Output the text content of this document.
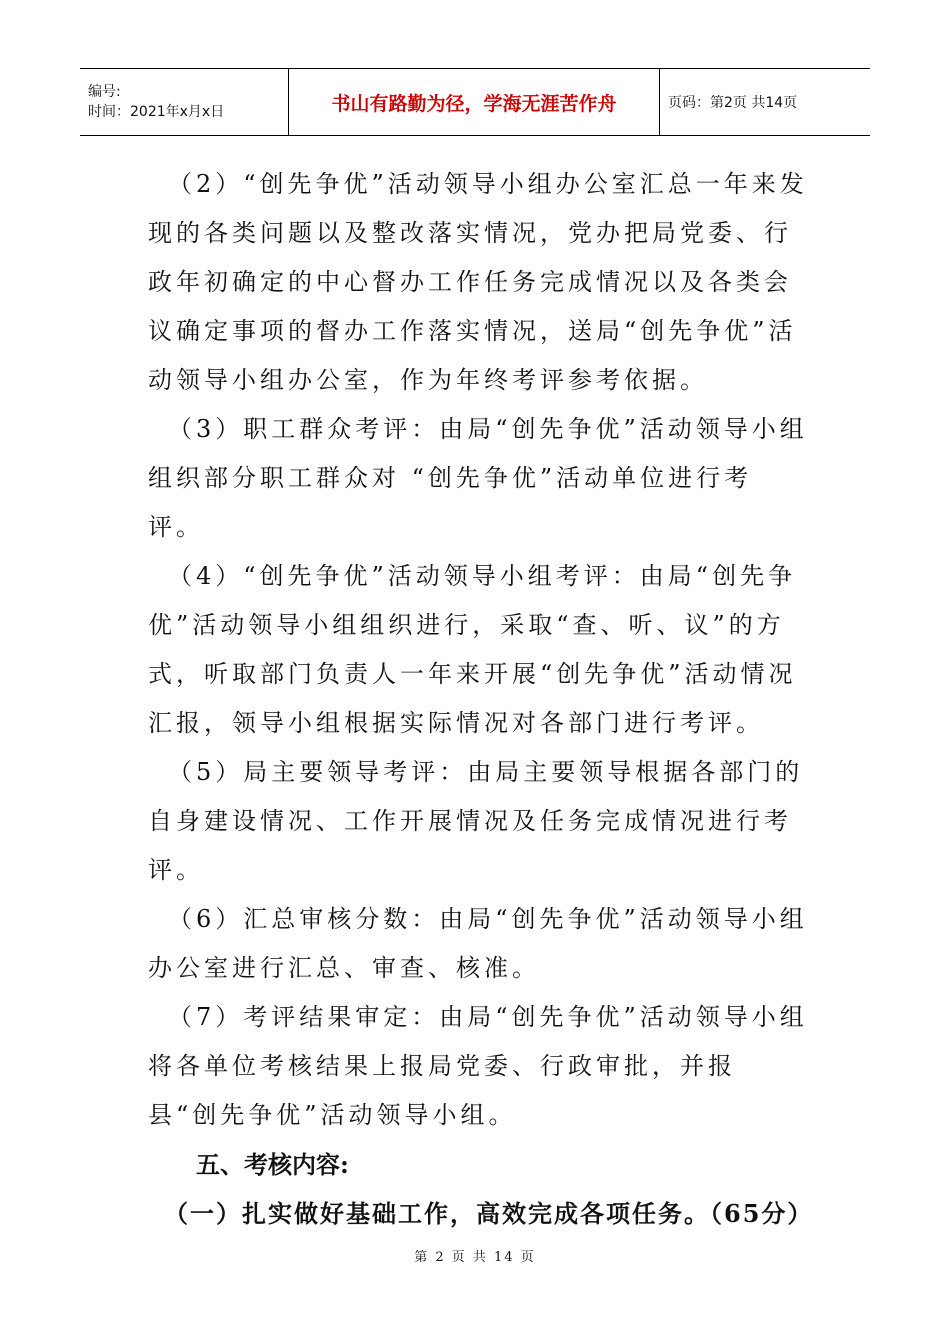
编号:
时间：2021年x月x日	书山有路勤为径，学海无涯苦作舟	页码：第2页 共14页

（2）“创先争优”活动领导小组办公室汇总一年来发现的各类问题以及整改落实情况，党办把局党委、行政年初确定的中心督办工作任务完成情况以及各类会议确定事项的督办工作落实情况，送局“创先争优”活动领导小组办公室，作为年终考评参考依据。

（3）职工群众考评：由局“创先争优”活动领导小组组织部分职工群众对 “创先争优”活动单位进行考评。

（4）“创先争优”活动领导小组考评：由局“创先争优”活动领导小组组织进行，采取“查、听、议”的方式，听取部门负责人一年来开展“创先争优”活动情况汇报，领导小组根据实际情况对各部门进行考评。

（5）局主要领导考评：由局主要领导根据各部门的自身建设情况、工作开展情况及任务完成情况进行考评。

（6）汇总审核分数：由局“创先争优”活动领导小组办公室进行汇总、审查、核准。

（7）考评结果审定：由局“创先争优”活动领导小组将各单位考核结果上报局党委、行政审批，并报县“创先争优”活动领导小组。

五、考核内容:

（一）扎实做好基础工作，高效完成各项任务。（65分）

第 2 页 共 14 页
